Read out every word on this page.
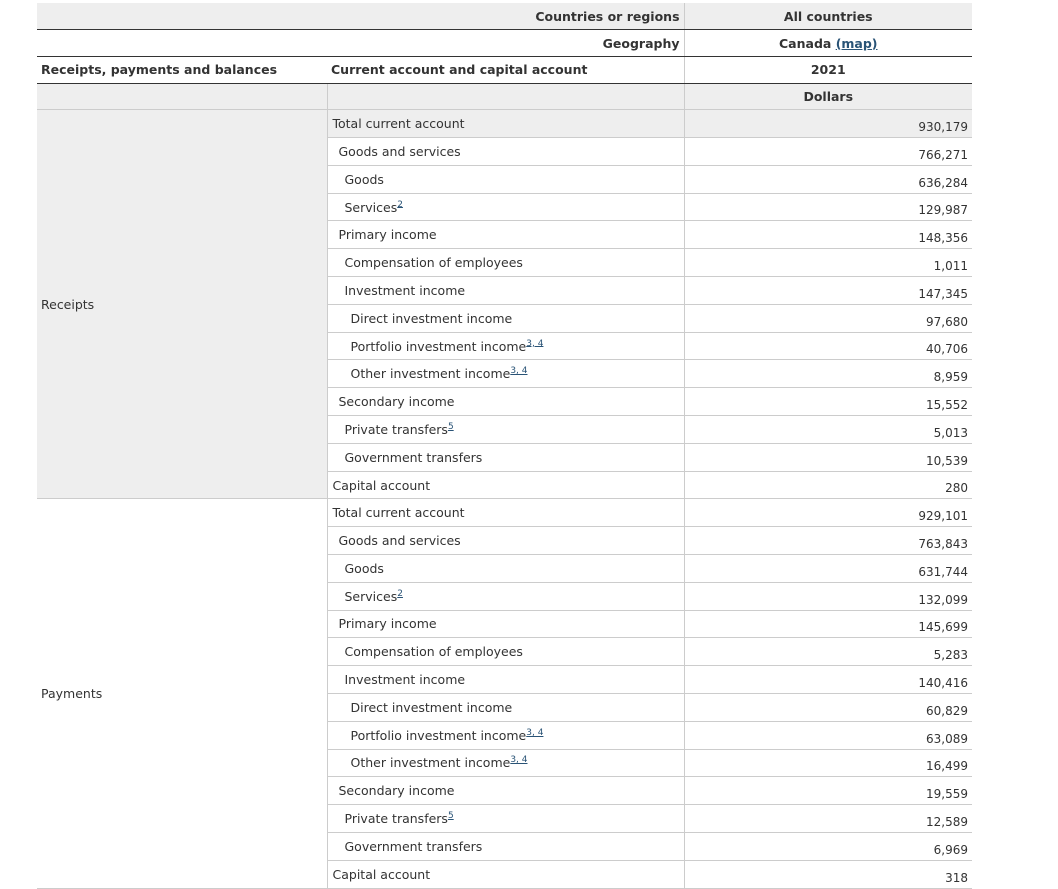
Countries or regions		All countries
Geography		Canada (map)
Receipts, payments and balances	Current account and capital account	2021
		Dollars
Receipts	Total current account	930,179
	Goods and services	766,271
	Goods	636,284
	Services$^2$	129,987
	Primary income	148,356
	Compensation of employees	1,011
	Investment income	147,345
	Direct investment income	97,680
	Portfolio investment income$^{3, 4}$	40,706
	Other investment income$^{3, 4}$	8,959
	Secondary income	15,552
	Private transfers$^5$	5,013
	Government transfers	10,539
	Capital account	280
Payments	Total current account	929,101
	Goods and services	763,843
	Goods	631,744
	Services$^2$	132,099
	Primary income	145,699
	Compensation of employees	5,283
	Investment income	140,416
	Direct investment income	60,829
	Portfolio investment income$^{3, 4}$	63,089
	Other investment income$^{3, 4}$	16,499
	Secondary income	19,559
	Private transfers$^5$	12,589
	Government transfers	6,969
	Capital account	318
